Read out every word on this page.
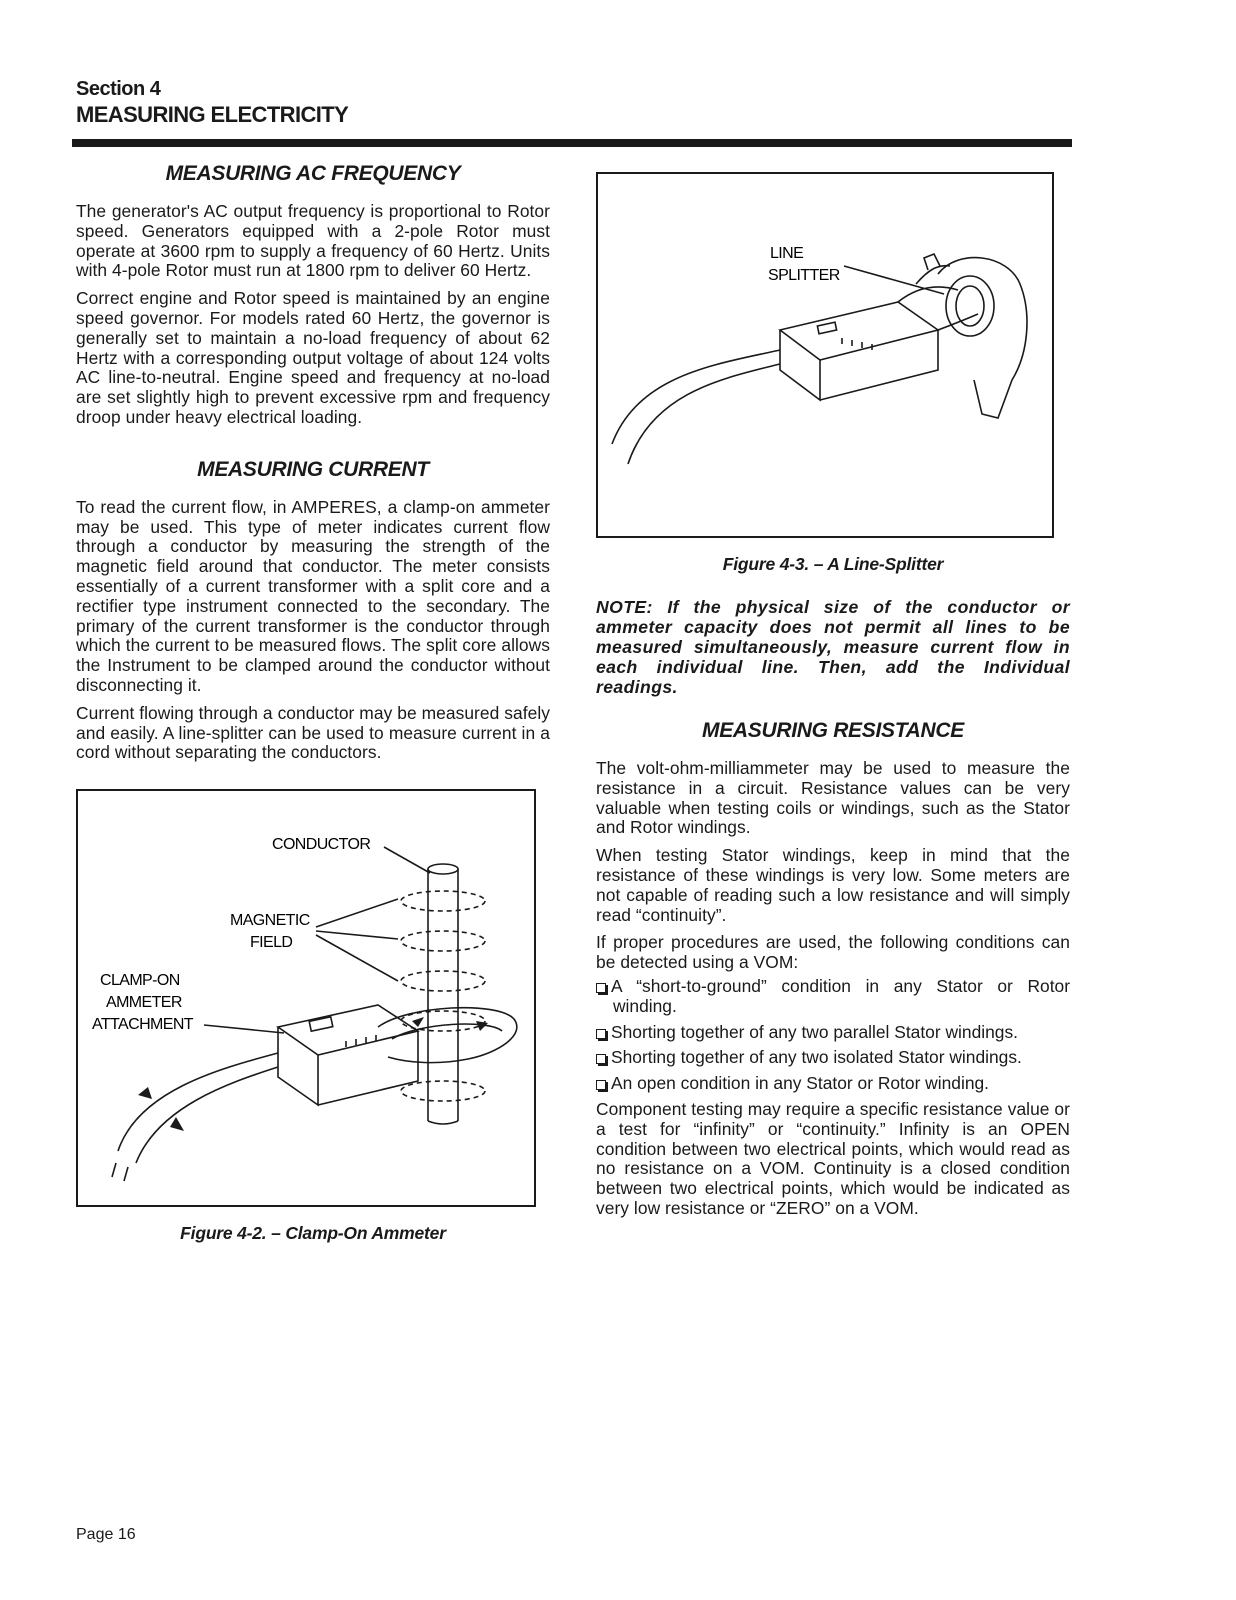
Section 4
MEASURING ELECTRICITY
MEASURING AC FREQUENCY

The generator's AC output frequency is proportional to Rotor speed. Generators equipped with a 2-pole Rotor must operate at 3600 rpm to supply a frequency of 60 Hertz. Units with 4-pole Rotor must run at 1800 rpm to deliver 60 Hertz.

Correct engine and Rotor speed is maintained by an engine speed governor. For models rated 60 Hertz, the governor is generally set to maintain a no-load frequency of about 62 Hertz with a corresponding output voltage of about 124 volts AC line-to-neutral. Engine speed and frequency at no-load are set slightly high to prevent excessive rpm and frequency droop under heavy electrical loading.

MEASURING CURRENT

To read the current flow, in AMPERES, a clamp-on ammeter may be used. This type of meter indicates current flow through a conductor by measuring the strength of the magnetic field around that conductor. The meter consists essentially of a current transformer with a split core and a rectifier type instrument connected to the secondary. The primary of the current transformer is the conductor through which the current to be measured flows. The split core allows the Instrument to be clamped around the conductor without disconnecting it.

Current flowing through a conductor may be measured safely and easily. A line-splitter can be used to measure current in a cord without separating the conductors.

CONDUCTOR
MAGNETIC
FIELD
CLAMP-ON
AMMETER
ATTACHMENT
Figure 4-2. – Clamp-On Ammeter
LINE
SPLITTER
Figure 4-3. – A Line-Splitter

NOTE: If the physical size of the conductor or ammeter capacity does not permit all lines to be measured simultaneously, measure current flow in each individual line. Then, add the Individual readings.

MEASURING RESISTANCE

The volt-ohm-milliammeter may be used to measure the resistance in a circuit. Resistance values can be very valuable when testing coils or windings, such as the Stator and Rotor windings.

When testing Stator windings, keep in mind that the resistance of these windings is very low. Some meters are not capable of reading such a low resistance and will simply read “continuity”.

If proper procedures are used, the following conditions can be detected using a VOM:

A “short-to-ground” condition in any Stator or Rotor winding.
Shorting together of any two parallel Stator windings.
Shorting together of any two isolated Stator windings.
An open condition in any Stator or Rotor winding.

Component testing may require a specific resistance value or a test for “infinity” or “continuity.” Infinity is an OPEN condition between two electrical points, which would read as no resistance on a VOM. Continuity is a closed condition between two electrical points, which would be indicated as very low resistance or “ZERO” on a VOM.

Page 16
